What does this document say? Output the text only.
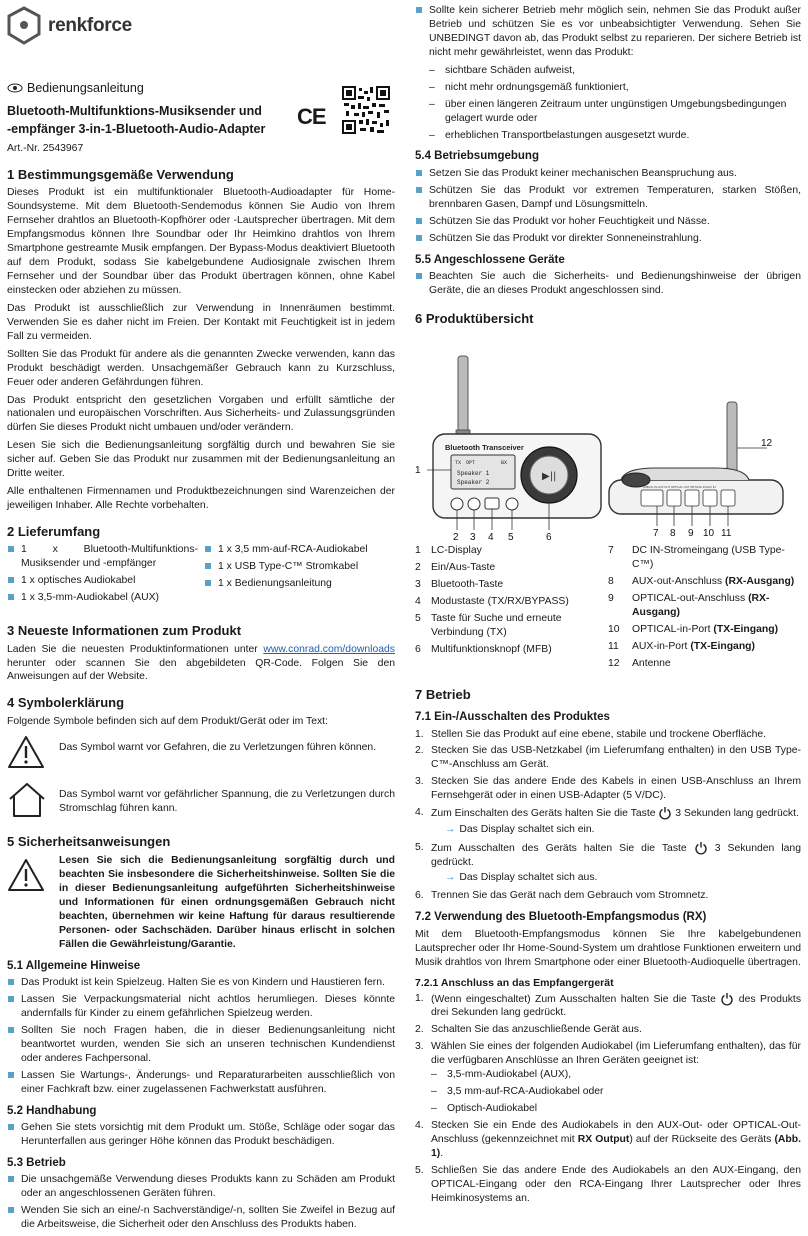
renkforce
Bedienungsanleitung
Bluetooth-Multifunktions-Musiksender und
-empfänger 3-in-1-Bluetooth-Audio-Adapter
Art.-Nr. 2543967
CE
1 Bestimmungsgemäße Verwendung

Dieses Produkt ist ein multifunktionaler Bluetooth-Audioadapter für Home-Soundsysteme. Mit dem Bluetooth-Sendemodus können Sie Audio von Ihrem Fernseher drahtlos an Bluetooth-Kopfhörer oder -Lautsprecher übertragen. Mit dem Empfangsmodus können Ihre Soundbar oder Ihr Heimkino drahtlos von Ihrem Smartphone gestreamte Musik empfangen. Der Bypass-Modus deaktiviert Bluetooth auf dem Produkt, sodass Sie kabelgebundene Audiosignale zwischen Ihrem Fernseher und der Soundbar über das Produkt übertragen können, ohne Kabel einstecken oder abziehen zu müssen.

Das Produkt ist ausschließlich zur Verwendung in Innenräumen bestimmt. Verwenden Sie es daher nicht im Freien. Der Kontakt mit Feuchtigkeit ist in jedem Fall zu vermeiden.

Sollten Sie das Produkt für andere als die genannten Zwecke verwenden, kann das Produkt beschädigt werden. Unsachgemäßer Gebrauch kann zu Kurzschluss, Feuer oder anderen Gefährdungen führen.

Das Produkt entspricht den gesetzlichen Vorgaben und erfüllt sämtliche der nationalen und europäischen Vorschriften. Aus Sicherheits- und Zulassungsgründen dürfen Sie dieses Produkt nicht umbauen und/oder verändern.

Lesen Sie sich die Bedienungsanleitung sorgfältig durch und bewahren Sie sie sicher auf. Geben Sie das Produkt nur zusammen mit der Bedienungsanleitung an Dritte weiter.

Alle enthaltenen Firmennamen und Produktbezeichnungen sind Warenzeichen der jeweiligen Inhaber. Alle Rechte vorbehalten.

2 Lieferumfang
1 x Bluetooth-Multifunktions-Musiksender und -empfänger
1 x optisches Audiokabel
1 x 3,5-mm-Audiokabel (AUX)
1 x 3,5 mm-auf-RCA-Audiokabel
1 x USB Type-C™ Stromkabel
1 x Bedienungsanleitung
3 Neueste Informationen zum Produkt

Laden Sie die neuesten Produktinformationen unter www.conrad.com/downloads herunter oder scannen Sie den abgebildeten QR-Code. Folgen Sie den Anweisungen auf der Website.

4 Symbolerklärung

Folgende Symbole befinden sich auf dem Produkt/Gerät oder im Text:

Das Symbol warnt vor Gefahren, die zu Verletzungen führen können.
Das Symbol warnt vor gefährlicher Spannung, die zu Verletzungen durch Stromschlag führen kann.
5 Sicherheitsanweisungen
Lesen Sie sich die Bedienungsanleitung sorgfältig durch und beachten Sie insbesondere die Sicherheitshinweise. Sollten Sie die in dieser Bedienungsanleitung aufgeführten Sicherheitshinweise und Informationen für einen ordnungsgemäßen Gebrauch nicht beachten, übernehmen wir keine Haftung für daraus resultierende Personen- oder Sachschäden. Darüber hinaus erlischt in solchen Fällen die Gewährleistung/Garantie.
5.1 Allgemeine Hinweise
Das Produkt ist kein Spielzeug. Halten Sie es von Kindern und Haustieren fern.
Lassen Sie Verpackungsmaterial nicht achtlos herumliegen. Dieses könnte andernfalls für Kinder zu einem gefährlichen Spielzeug werden.
Sollten Sie noch Fragen haben, die in dieser Bedienungsanleitung nicht beantwortet wurden, wenden Sie sich an unseren technischen Kundendienst oder anderes Fachpersonal.
Lassen Sie Wartungs-, Änderungs- und Reparaturarbeiten ausschließlich von einer Fachkraft bzw. einer zugelassenen Fachwerkstatt ausführen.
5.2 Handhabung
Gehen Sie stets vorsichtig mit dem Produkt um. Stöße, Schläge oder sogar das Herunterfallen aus geringer Höhe können das Produkt beschädigen.
5.3 Betrieb
Die unsachgemäße Verwendung dieses Produkts kann zu Schäden am Produkt oder an angeschlossenen Geräten führen.
Wenden Sie sich an eine/-n Sachverständige/-n, sollten Sie Zweifel in Bezug auf die Arbeitsweise, die Sicherheit oder den Anschluss des Produkts haben.
Sollte kein sicherer Betrieb mehr möglich sein, nehmen Sie das Produkt außer Betrieb und schützen Sie es vor unbeabsichtigter Verwendung. Sehen Sie UNBEDINGT davon ab, das Produkt selbst zu reparieren. Der sichere Betrieb ist nicht mehr gewährleistet, wenn das Produkt:
– sichtbare Schäden aufweist,
– nicht mehr ordnungsgemäß funktioniert,
– über einen längeren Zeitraum unter ungünstigen Umgebungsbedingungen gelagert wurde oder
– erheblichen Transportbelastungen ausgesetzt wurde.
5.4 Betriebsumgebung
Setzen Sie das Produkt keiner mechanischen Beanspruchung aus.
Schützen Sie das Produkt vor extremen Temperaturen, starken Stößen, brennbaren Gasen, Dampf und Lösungsmitteln.
Schützen Sie das Produkt vor hoher Feuchtigkeit und Nässe.
Schützen Sie das Produkt vor direkter Sonneneinstrahlung.
5.5 Angeschlossene Geräte
Beachten Sie auch die Sicherheits- und Bedienungshinweise der übrigen Geräte, die an dieses Produkt angeschlossen sind.
6 Produktübersicht
Bluetooth Transceiver
TX OPT	BX
Speaker 1
Speaker 2
▶||
1
2 3 4 5	6
USB DC IN AUX OUT OPTICAL OUT OPTICAL IN AUX IN
7 8 9 10 11
12
1 LC-Display
2 Ein/Aus-Taste
3 Bluetooth-Taste
4 Modustaste (TX/RX/BYPASS)
5 Taste für Suche und erneute Verbindung (TX)
6 Multifunktionsknopf (MFB)
7	DC IN-Stromeingang (USB Type-C™)
8	AUX-out-Anschluss (RX-Ausgang)
9	OPTICAL-out-Anschluss (RX-Ausgang)
10	OPTICAL-in-Port (TX-Eingang)
11	AUX-in-Port (TX-Eingang)
12	Antenne
7 Betrieb
7.1 Ein-/Ausschalten des Produktes
1. Stellen Sie das Produkt auf eine ebene, stabile und trockene Oberfläche.
2. Stecken Sie das USB-Netzkabel (im Lieferumfang enthalten) in den USB Type-C™-Anschluss am Gerät.
3. Stecken Sie das andere Ende des Kabels in einen USB-Anschluss an Ihrem Fernsehgerät oder in einen USB-Adapter (5 V/DC).
4. Zum Einschalten des Geräts halten Sie die Taste  3 Sekunden lang gedrückt.
→ Das Display schaltet sich ein.
5. Zum Ausschalten des Geräts halten Sie die Taste  3 Sekunden lang gedrückt.
→ Das Display schaltet sich aus.
6. Trennen Sie das Gerät nach dem Gebrauch vom Stromnetz.
7.2 Verwendung des Bluetooth-Empfangsmodus (RX)

Mit dem Bluetooth-Empfangsmodus können Sie Ihre kabelgebundenen Lautsprecher oder Ihr Home-Sound-System um drahtlose Funktionen erweitern und Musik drahtlos von Ihrem Smartphone oder einer Bluetooth-Audioquelle übertragen.

7.2.1 Anschluss an das Empfangergerät
1. (Wenn eingeschaltet) Zum Ausschalten halten Sie die Taste  des Produkts drei Sekunden lang gedrückt.
2. Schalten Sie das anzuschließende Gerät aus.
3. Wählen Sie eines der folgenden Audiokabel (im Lieferumfang enthalten), das für die verfügbaren Anschlüsse an Ihren Geräten geeignet ist:
– 3,5-mm-Audiokabel (AUX),
– 3,5 mm-auf-RCA-Audiokabel oder
– Optisch-Audiokabel
4. Stecken Sie ein Ende des Audiokabels in den AUX-Out- oder OPTICAL-Out-Anschluss (gekennzeichnet mit RX Output) auf der Rückseite des Geräts (Abb. 1).
5. Schließen Sie das andere Ende des Audiokabels an den AUX-Eingang, den OPTICAL-Eingang oder den RCA-Eingang Ihrer Lautsprecher oder Ihres Heimkinosystems an.
